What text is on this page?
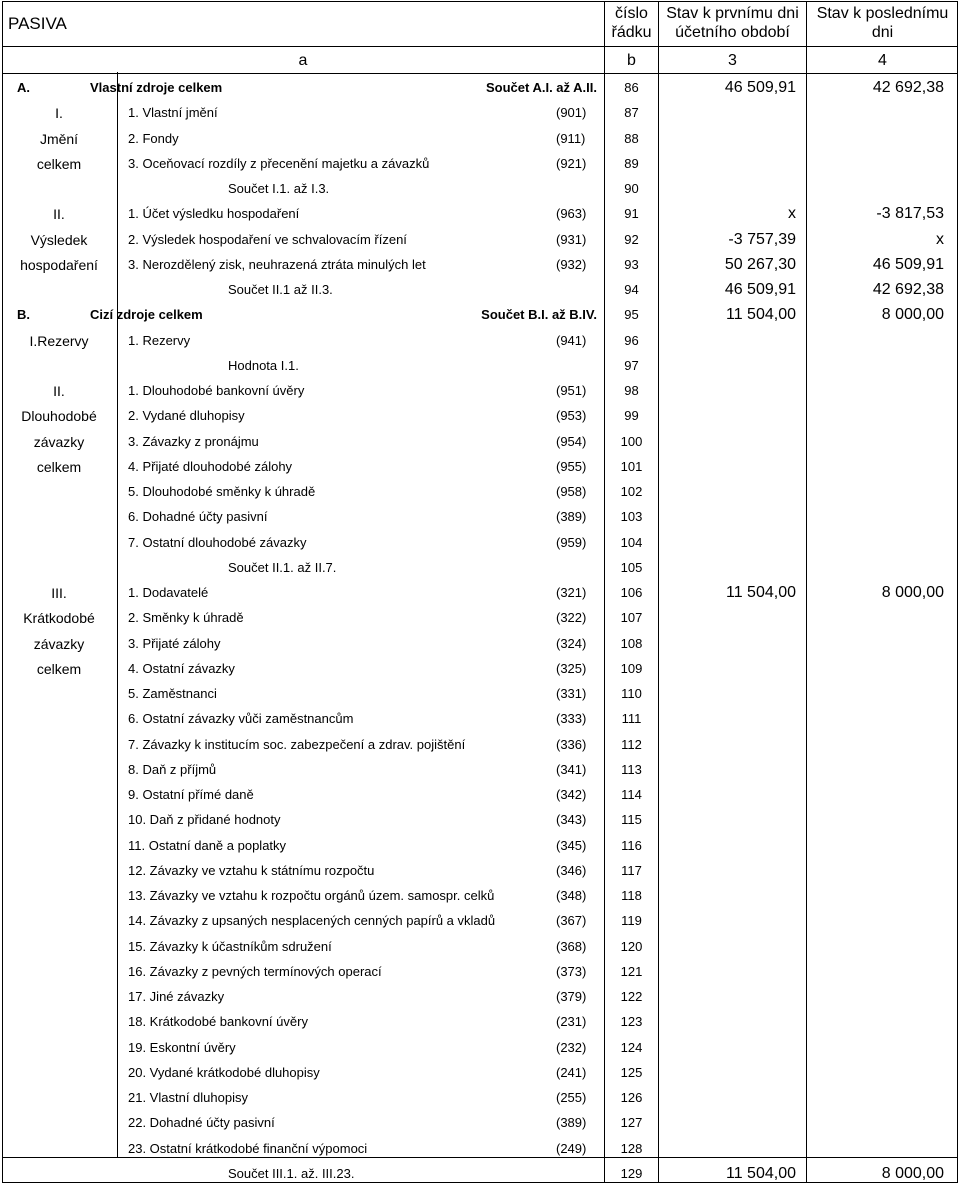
PASIVA
číslo
řádku
Stav k prvnímu dni
účetního období
Stav k poslednímu
dni
a	b	3	4
A.	Vlastní zdroje celkem	Součet A.I. až A.II.	86	46 509,91	42 692,38
I.	1. Vlastní jmění	(901)	87
Jmění	2. Fondy	(911)	88
celkem	3. Oceňovací rozdíly z přecenění majetku a závazků	(921)	89
Součet I.1. až I.3.	90
II.	1. Účet výsledku hospodaření	(963)	91	x	-3 817,53
Výsledek	2. Výsledek hospodaření ve schvalovacím řízení	(931)	92	-3 757,39	x
hospodaření	3. Nerozdělený zisk, neuhrazená ztráta minulých let	(932)	93	50 267,30	46 509,91
Součet II.1 až II.3.	94	46 509,91	42 692,38
B.	Cizí zdroje celkem	Součet B.I. až B.IV.	95	11 504,00	8 000,00
I.Rezervy	1. Rezervy	(941)	96
Hodnota I.1.	97
II.	1. Dlouhodobé bankovní úvěry	(951)	98
Dlouhodobé	2. Vydané dluhopisy	(953)	99
závazky	3. Závazky z pronájmu	(954)	100
celkem	4. Přijaté dlouhodobé zálohy	(955)	101
5. Dlouhodobé směnky k úhradě	(958)	102
6. Dohadné účty pasivní	(389)	103
7. Ostatní dlouhodobé závazky	(959)	104
Součet II.1. až II.7.	105
III.	1. Dodavatelé	(321)	106	11 504,00	8 000,00
Krátkodobé	2. Směnky k úhradě	(322)	107
závazky	3. Přijaté zálohy	(324)	108
celkem	4. Ostatní závazky	(325)	109
5. Zaměstnanci	(331)	110
6. Ostatní závazky vůči zaměstnancům	(333)	111
7. Závazky k institucím soc. zabezpečení a zdrav. pojištění	(336)	112
8. Daň z příjmů	(341)	113
9. Ostatní přímé daně	(342)	114
10. Daň z přidané hodnoty	(343)	115
11. Ostatní daně a poplatky	(345)	116
12. Závazky ve vztahu k státnímu rozpočtu	(346)	117
13. Závazky ve vztahu k rozpočtu orgánů územ. samospr. celků	(348)	118
14. Závazky z upsaných nesplacených cenných papírů a vkladů	(367)	119
15. Závazky k účastníkům sdružení	(368)	120
16. Závazky z pevných termínových operací	(373)	121
17. Jiné závazky	(379)	122
18. Krátkodobé bankovní úvěry	(231)	123
19. Eskontní úvěry	(232)	124
20. Vydané krátkodobé dluhopisy	(241)	125
21. Vlastní dluhopisy	(255)	126
22. Dohadné účty pasivní	(389)	127
23. Ostatní krátkodobé finanční výpomoci	(249)	128
Součet III.1. až. III.23.	129	11 504,00	8 000,00
